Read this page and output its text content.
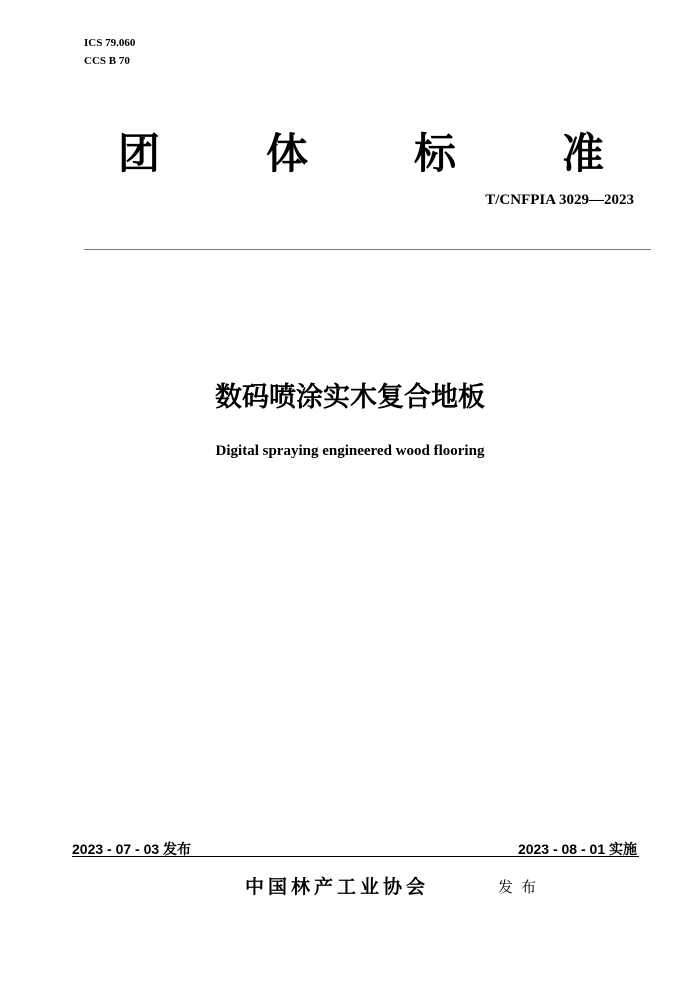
ICS 79.060
CCS B 70
团	体	标	准
T/CNFPIA 3029—2023
数码喷涂实木复合地板
Digital spraying engineered wood flooring
2023 - 07 - 03 发布	2023 - 08 - 01 实施
中国林产工业协会	发布
